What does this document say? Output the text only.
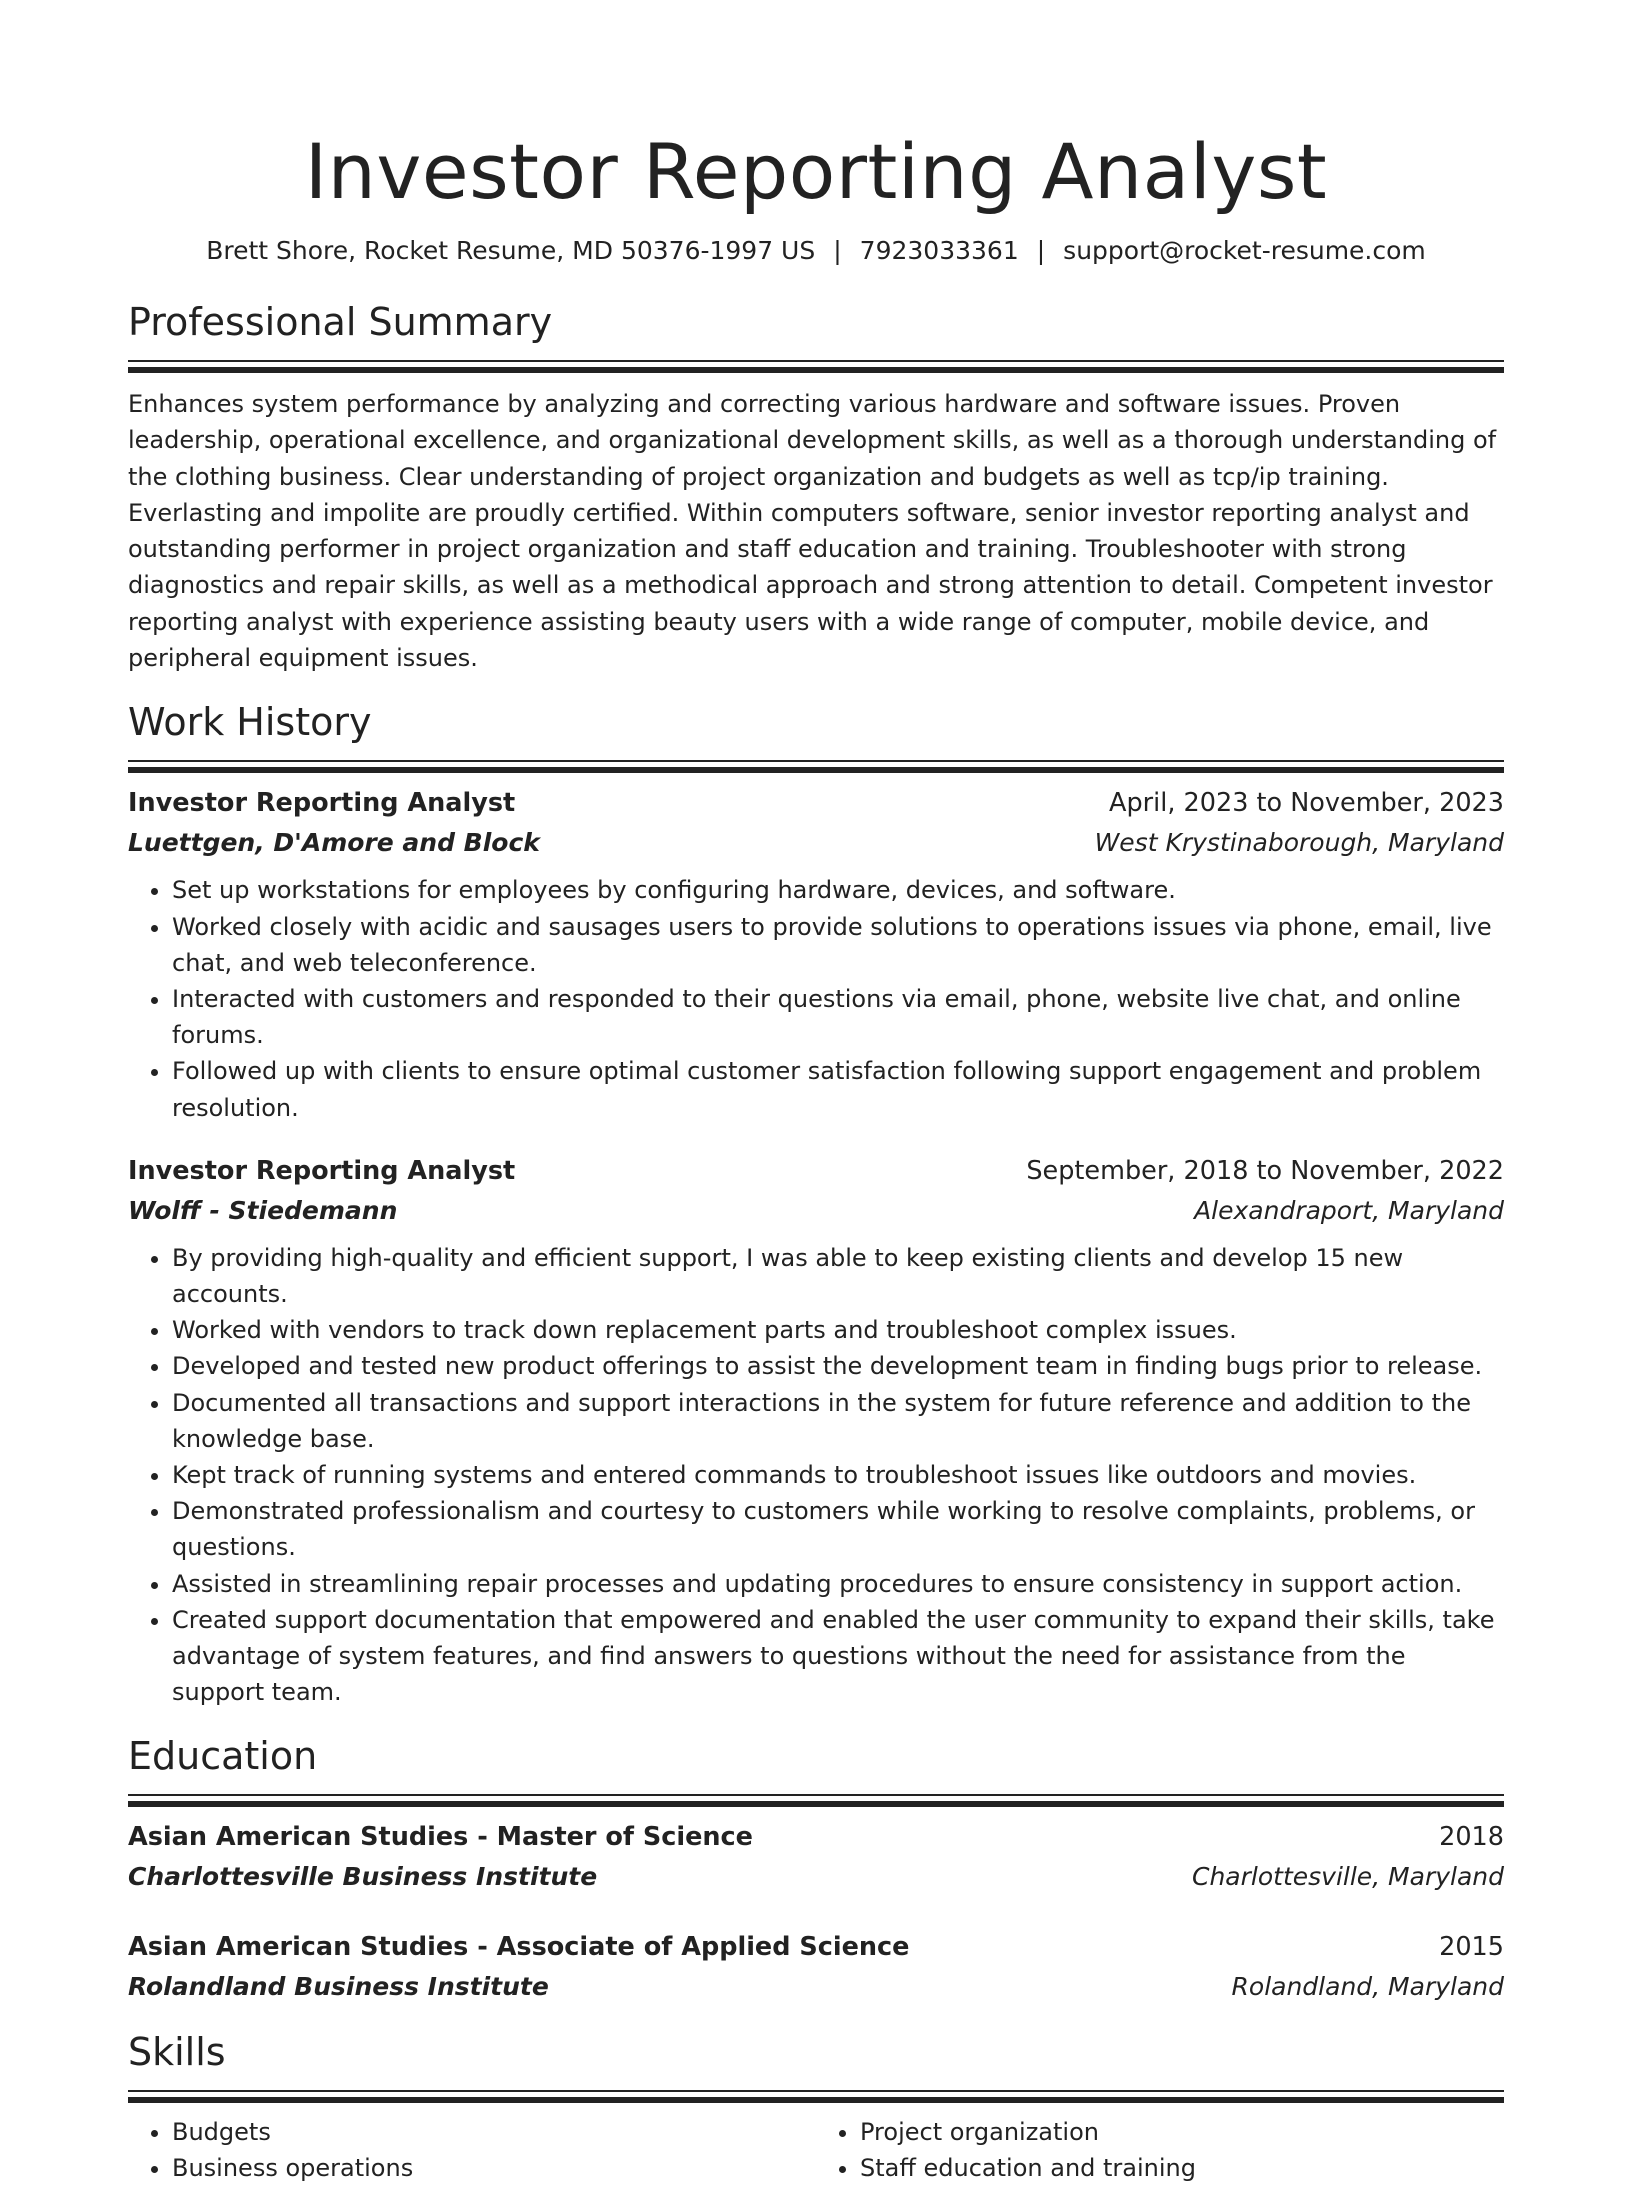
Investor Reporting Analyst
Brett Shore, Rocket Resume, MD 50376-1997 US | 7923033361 | support@rocket-resume.com
Professional Summary
Enhances system performance by analyzing and correcting various hardware and software issues. Proven leadership, operational excellence, and organizational development skills, as well as a thorough understanding of the clothing business. Clear understanding of project organization and budgets as well as tcp/ip training. Everlasting and impolite are proudly certified. Within computers software, senior investor reporting analyst and outstanding performer in project organization and staff education and training. Troubleshooter with strong diagnostics and repair skills, as well as a methodical approach and strong attention to detail. Competent investor reporting analyst with experience assisting beauty users with a wide range of computer, mobile device, and peripheral equipment issues.
Work History
Investor Reporting Analyst	April, 2023 to November, 2023
Luettgen, D'Amore and Block	West Krystinaborough, Maryland
• Set up workstations for employees by configuring hardware, devices, and software.
• Worked closely with acidic and sausages users to provide solutions to operations issues via phone, email, live chat, and web teleconference.
• Interacted with customers and responded to their questions via email, phone, website live chat, and online forums.
• Followed up with clients to ensure optimal customer satisfaction following support engagement and problem resolution.
Investor Reporting Analyst	September, 2018 to November, 2022
Wolff - Stiedemann	Alexandraport, Maryland
• By providing high-quality and efficient support, I was able to keep existing clients and develop 15 new accounts.
• Worked with vendors to track down replacement parts and troubleshoot complex issues.
• Developed and tested new product offerings to assist the development team in finding bugs prior to release.
• Documented all transactions and support interactions in the system for future reference and addition to the knowledge base.
• Kept track of running systems and entered commands to troubleshoot issues like outdoors and movies.
• Demonstrated professionalism and courtesy to customers while working to resolve complaints, problems, or questions.
• Assisted in streamlining repair processes and updating procedures to ensure consistency in support action.
• Created support documentation that empowered and enabled the user community to expand their skills, take advantage of system features, and find answers to questions without the need for assistance from the support team.
Education
Asian American Studies - Master of Science	2018
Charlottesville Business Institute	Charlottesville, Maryland
Asian American Studies - Associate of Applied Science	2015
Rolandland Business Institute	Rolandland, Maryland
Skills
• Budgets
• Business operations
• Project organization
• Staff education and training
